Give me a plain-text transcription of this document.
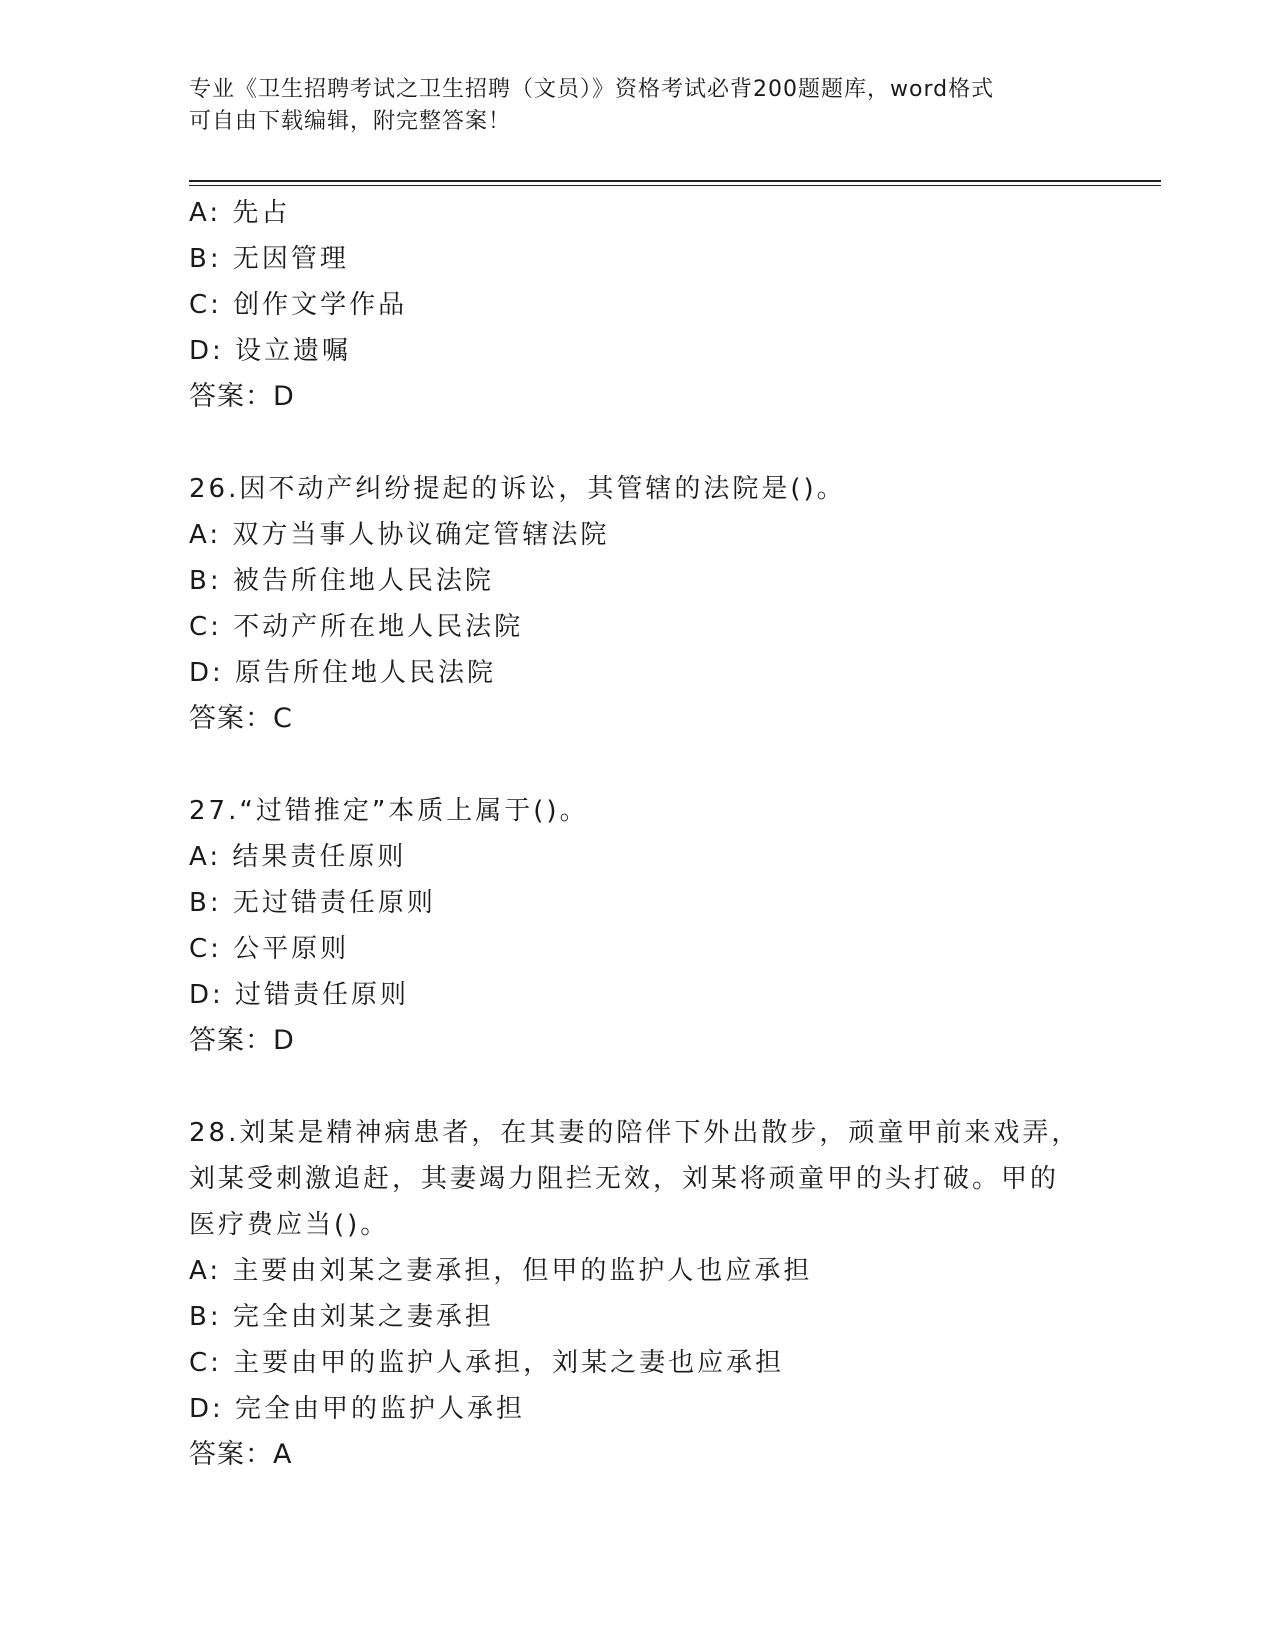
专业《卫生招聘考试之卫生招聘（文员）》资格考试必背200题题库，word格式
可自由下载编辑，附完整答案！
A: 先占
B: 无因管理
C: 创作文学作品
D: 设立遗嘱
答案：D
26.因不动产纠纷提起的诉讼，其管辖的法院是()。
A: 双方当事人协议确定管辖法院
B: 被告所住地人民法院
C: 不动产所在地人民法院
D: 原告所住地人民法院
答案：C
27.“过错推定”本质上属于()。
A: 结果责任原则
B: 无过错责任原则
C: 公平原则
D: 过错责任原则
答案：D
28.刘某是精神病患者，在其妻的陪伴下外出散步，顽童甲前来戏弄，
刘某受刺激追赶，其妻竭力阻拦无效，刘某将顽童甲的头打破。甲的
医疗费应当()。
A: 主要由刘某之妻承担，但甲的监护人也应承担
B: 完全由刘某之妻承担
C: 主要由甲的监护人承担，刘某之妻也应承担
D: 完全由甲的监护人承担
答案：A
